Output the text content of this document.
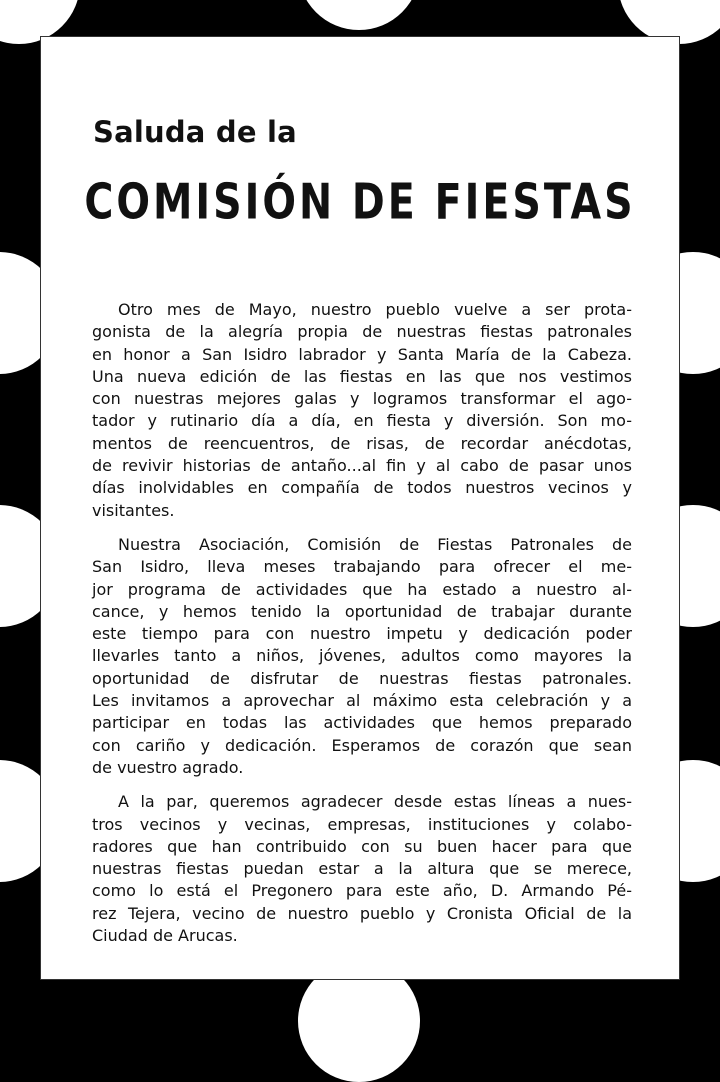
Saluda de la
COMISIÓN DE FIESTAS

Otro mes de Mayo, nuestro pueblo vuelve a ser prota-
gonista de la alegría propia de nuestras fiestas patronales
en honor a San Isidro labrador y Santa María de la Cabeza.
Una nueva edición de las fiestas en las que nos vestimos
con nuestras mejores galas y logramos transformar el ago-
tador y rutinario día a día, en fiesta y diversión. Son mo-
mentos de reencuentros, de risas, de recordar anécdotas,
de revivir historias de antaño...al fin y al cabo de pasar unos
días inolvidables en compañía de todos nuestros vecinos y
visitantes.

Nuestra Asociación, Comisión de Fiestas Patronales de
San Isidro, lleva meses trabajando para ofrecer el me-
jor programa de actividades que ha estado a nuestro al-
cance, y hemos tenido la oportunidad de trabajar durante
este tiempo para con nuestro impetu y dedicación poder
llevarles tanto a niños, jóvenes, adultos como mayores la
oportunidad de disfrutar de nuestras fiestas patronales.
Les invitamos a aprovechar al máximo esta celebración y a
participar en todas las actividades que hemos preparado
con cariño y dedicación. Esperamos de corazón que sean
de vuestro agrado.

A la par, queremos agradecer desde estas líneas a nues-
tros vecinos y vecinas, empresas, instituciones y colabo-
radores que han contribuido con su buen hacer para que
nuestras fiestas puedan estar a la altura que se merece,
como lo está el Pregonero para este año, D. Armando Pé-
rez Tejera, vecino de nuestro pueblo y Cronista Oficial de la
Ciudad de Arucas.
